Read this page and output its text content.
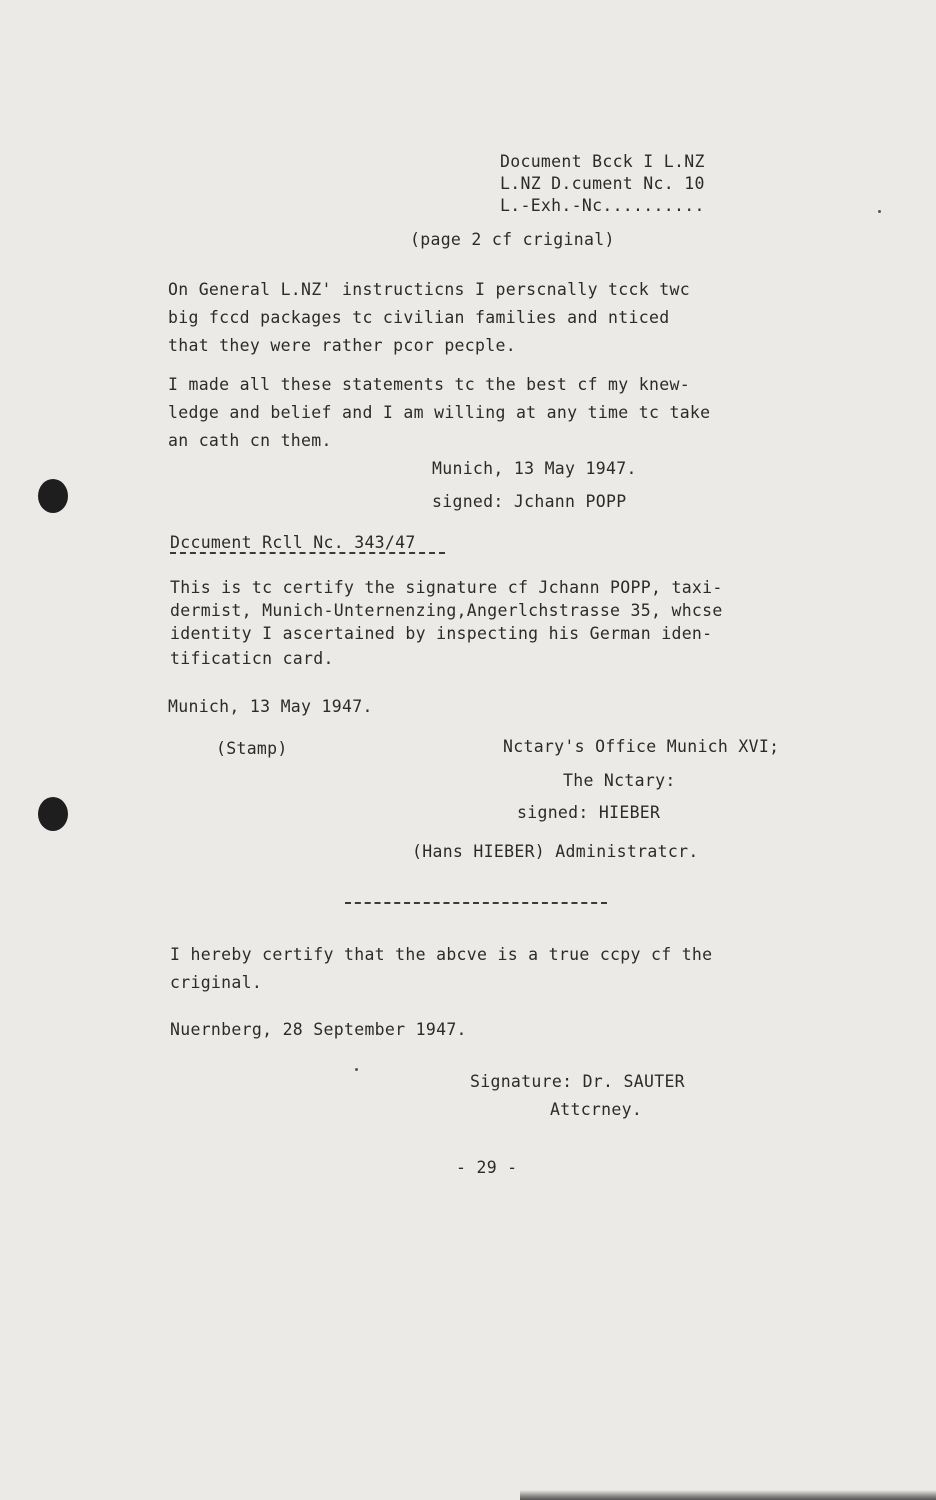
Document Bcck I L.NZ
L.NZ D.cument Nc. 10
L.-Exh.-Nc..........
(page 2 cf criginal)
On General L.NZ' instructicns I perscnally tcck twc
big fccd packages tc civilian families and nticed
that they were rather pcor pecple.
I made all these statements tc the best cf my knew-
ledge and belief and I am willing at any time tc take
an cath cn them.
Munich, 13 May 1947.
signed: Jchann POPP
Dccument Rcll Nc. 343/47
This is tc certify the signature cf Jchann POPP, taxi-
dermist, Munich-Unternenzing,Angerlchstrasse 35, whcse
identity I ascertained by inspecting his German iden-
tificaticn card.
Munich, 13 May 1947.
(Stamp)	Nctary's Office Munich XVI;
The Nctary:
signed: HIEBER
(Hans HIEBER) Administratcr.
I hereby certify that the abcve is a true ccpy cf the
criginal.
Nuernberg, 28 September 1947.
Signature: Dr. SAUTER
Attcrney.
- 29 -
